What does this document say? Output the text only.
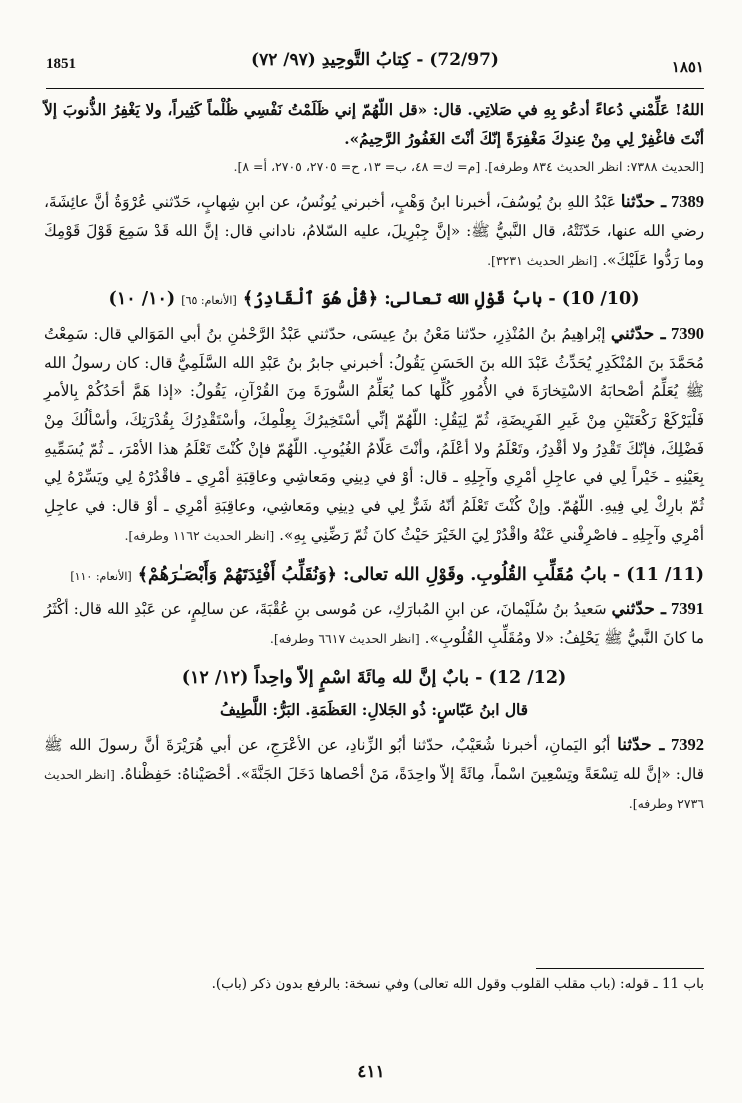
1851	(72/97) - كِتابُ التَّوحِيدِ (٩٧/ ٧٢)	١٨٥١

اللهُ! عَلِّمْني دُعاءً أدعُو بِهِ في صَلاتِي. قال: «قل اللّهُمّ إني ظَلَمْتُ نَفْسِي ظُلْماً كَثِيراً، ولا يَغْفِرُ الذُّنوبَ إلاّ أنْتَ فاغْفِرْ لِي مِنْ عِندِكَ مَغْفِرَةً إنّكَ أنْتَ الغَفُورُ الرَّحِيمُ».

[الحديث ٧٣٨٨: انظر الحديث ٨٣٤ وطرفه]. [م= ك= ٤٨، ب= ١٣، ح= ٢٧٠٥، ٢٧٠٥، أ= ٨].

7389 ـ حدّثنا عَبْدُ اللهِ بنُ يُوسُفَ، أخبرنا ابنُ وَهْبٍ، أخبرني يُونُسُ، عن ابنِ شِهابٍ، حَدّثني عُرْوَةُ أنَّ عائِشَةَ، رضي الله عنها، حَدّثَتْهُ، قال النَّبيُّ ﷺ: «إنَّ جِبْرِيلَ، عليه السّلامُ، ناداني قال: إنَّ الله قَدْ سَمِعَ قَوْلَ قَوْمِكَ وما رَدُّوا عَلَيْكَ». [انظر الحديث ٣٢٣١].

(10/ 10) - بابُ قَوْلِ الله تعالى: ﴿قُلْ هُوَ ٱلْقَادِرُ﴾ [الأنعام: ٦٥] (١٠/ ١٠)

7390 ـ حدّثني إبْراهِيمُ بنُ المُنْذِرِ، حدّثنا مَعْنُ بنُ عِيسَى، حدّثني عَبْدُ الرَّحْمٰنِ بنُ أبي المَوَالي قال: سَمِعْتُ مُحَمَّدَ بنَ المُنْكَدِرِ يُحَدِّثُ عَبْدَ الله بنَ الحَسَنِ يَقُولُ: أخبرني جابرُ بنُ عَبْدِ الله السَّلَمِيُّ قال: كان رسولُ الله ﷺ يُعَلِّمُ أصْحابَهُ الاسْتِخارَةَ في الأُمُورِ كُلِّها كما يُعَلِّمُ السُّورَةَ مِنَ القُرْآنِ، يَقُولُ: «إذا هَمَّ أحَدُكُمْ بِالأمرِ فَلْيَرْكَعْ رَكْعَتَيْنِ مِنْ غَيرِ الفَرِيضَةِ، ثُمّ لِيَقُلِ: اللّهُمّ إنِّي أسْتَخِيرُكَ بِعِلْمِكَ، وأسْتَقْدِرُكَ بِقُدْرَتِكَ، وأسْألُكَ مِنْ فَضْلِكَ، فإنّكَ تَقْدِرُ ولا أقْدِرُ، وتَعْلَمُ ولا أعْلَمُ، وأنْتَ عَلّامُ الغُيُوبِ. اللّهُمّ فإنْ كُنْتَ تَعْلَمُ هذا الأمْرَ، ـ ثُمّ يُسَمِّيهِ بِعَيْنِهِ ـ خَيْراً لِي في عاجِلِ أمْرِي وآجِلِهِ ـ قال: أوْ في دِينِي ومَعاشِي وعاقِبَةِ أمْرِي ـ فاقْدُرْهُ لِي ويَسِّرْهُ لِي ثُمّ بارِكْ لِي فِيهِ. اللّهُمّ. وإنْ كُنْتَ تَعْلَمُ أنّهُ شَرٌّ لِي في دِينِي ومَعاشِي، وعاقِبَةِ أمْرِي ـ أوْ قال: في عاجِلِ أمْرِي وآجِلِهِ ـ فاصْرِفْني عَنْهُ واقْدُرْ لِيَ الخَيْرَ حَيْثُ كانَ ثُمّ رَضِّنِي بِهِ». [انظر الحديث ١١٦٢ وطرفه].

(11/ 11) - بابُ مُقَلِّبِ القُلُوبِ. وقَوْلِ الله تعالى: ﴿وَنُقَلِّبُ أَفْئِدَتَهُمْ وَأَبْصَـٰرَهُمْ﴾ [الأنعام: ١١٠]

7391 ـ حدّثني سَعيدُ بنُ سُلَيْمانَ، عن ابنِ المُبارَكِ، عن مُوسى بنِ عُقْبَةَ، عن سالِمٍ، عن عَبْدِ الله قال: أكْثَرُ ما كانَ النَّبيُّ ﷺ يَحْلِفُ: «لا ومُقَلِّبِ القُلُوبِ». [انظر الحديث ٦٦١٧ وطرفه].

(12/ 12) - بابٌ إنَّ لله مِائَةَ اسْمٍ إلاّ واحِداً (١٢/ ١٢)

قال ابنُ عَبّاسٍ: ذُو الجَلالِ: العَظَمَةِ. البَرُّ: اللَّطِيفُ

7392 ـ حدّثنا أبُو اليَمانِ، أخبرنا شُعَيْبٌ، حدّثنا أبُو الزِّنادِ، عن الأعْرَجِ، عن أبي هُرَيْرَةَ أنَّ رسولَ الله ﷺ قال: «إنَّ لله تِسْعَةً وتِسْعِينَ اسْماً، مِائَةً إلاّ واحِدَةً، مَنْ أحْصاها دَخَلَ الجَنَّةَ». أحْصَيْناهُ: حَفِظْناهُ. [انظر الحديث ٢٧٣٦ وطرفه].

باب 11 ـ قوله: (باب مقلب القلوب وقول الله تعالى) وفي نسخة: بالرفع بدون ذكر (باب).
٤١١
